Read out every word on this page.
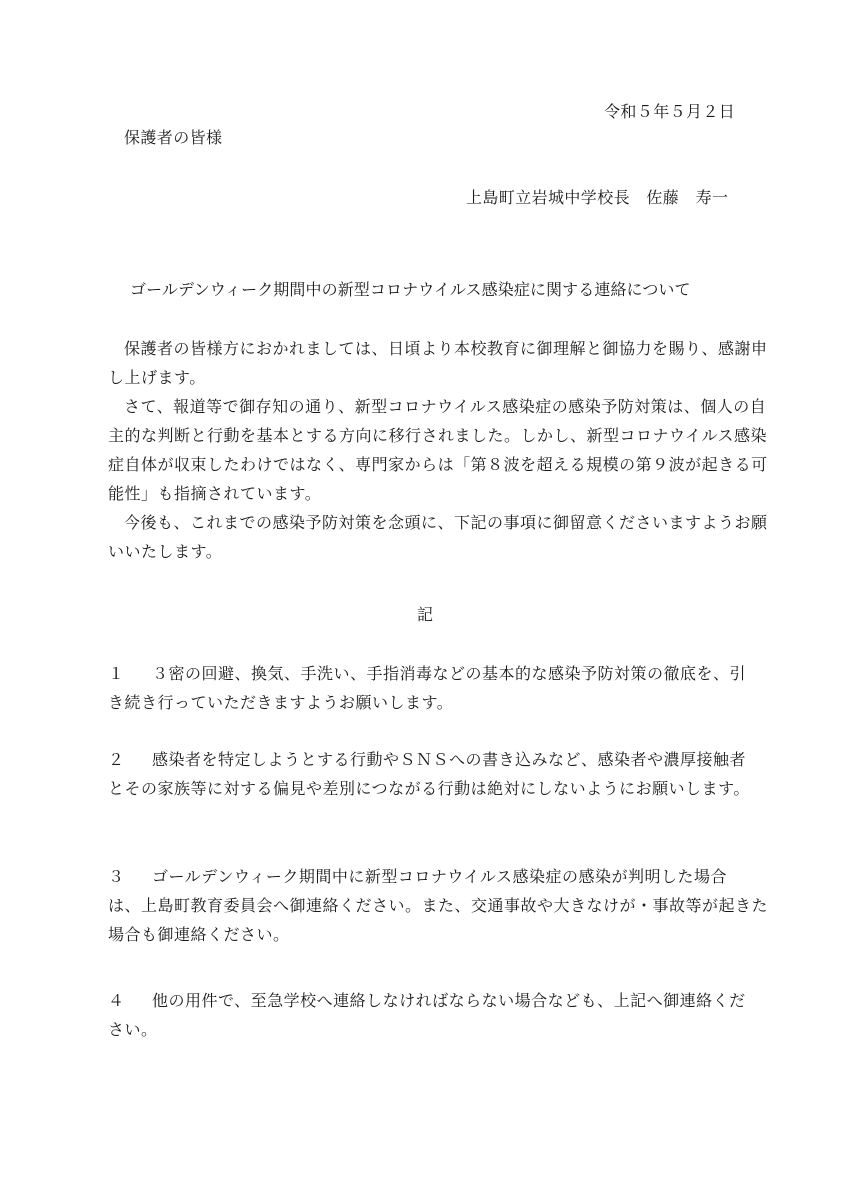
令和５年５月２日
保護者の皆様
上島町立岩城中学校長　佐藤　寿一
ゴールデンウィーク期間中の新型コロナウイルス感染症に関する連絡について
保護者の皆様方におかれましては、日頃より本校教育に御理解と御協力を賜り、感謝申し上げます。
さて、報道等で御存知の通り、新型コロナウイルス感染症の感染予防対策は、個人の自主的な判断と行動を基本とする方向に移行されました。しかし、新型コロナウイルス感染症自体が収束したわけではなく、専門家からは「第８波を超える規模の第９波が起きる可能性」も指摘されています。
今後も、これまでの感染予防対策を念頭に、下記の事項に御留意くださいますようお願いいたします。
記
１	３密の回避、換気、手洗い、手指消毒などの基本的な感染予防対策の徹底を、引
き続き行っていただきますようお願いします。
２	感染者を特定しようとする行動やＳＮＳへの書き込みなど、感染者や濃厚接触者
とその家族等に対する偏見や差別につながる行動は絶対にしないようにお願いします。
３	ゴールデンウィーク期間中に新型コロナウイルス感染症の感染が判明した場合
は、上島町教育委員会へ御連絡ください。また、交通事故や大きなけが・事故等が起きた場合も御連絡ください。
４	他の用件で、至急学校へ連絡しなければならない場合なども、上記へ御連絡くだ
さい。
